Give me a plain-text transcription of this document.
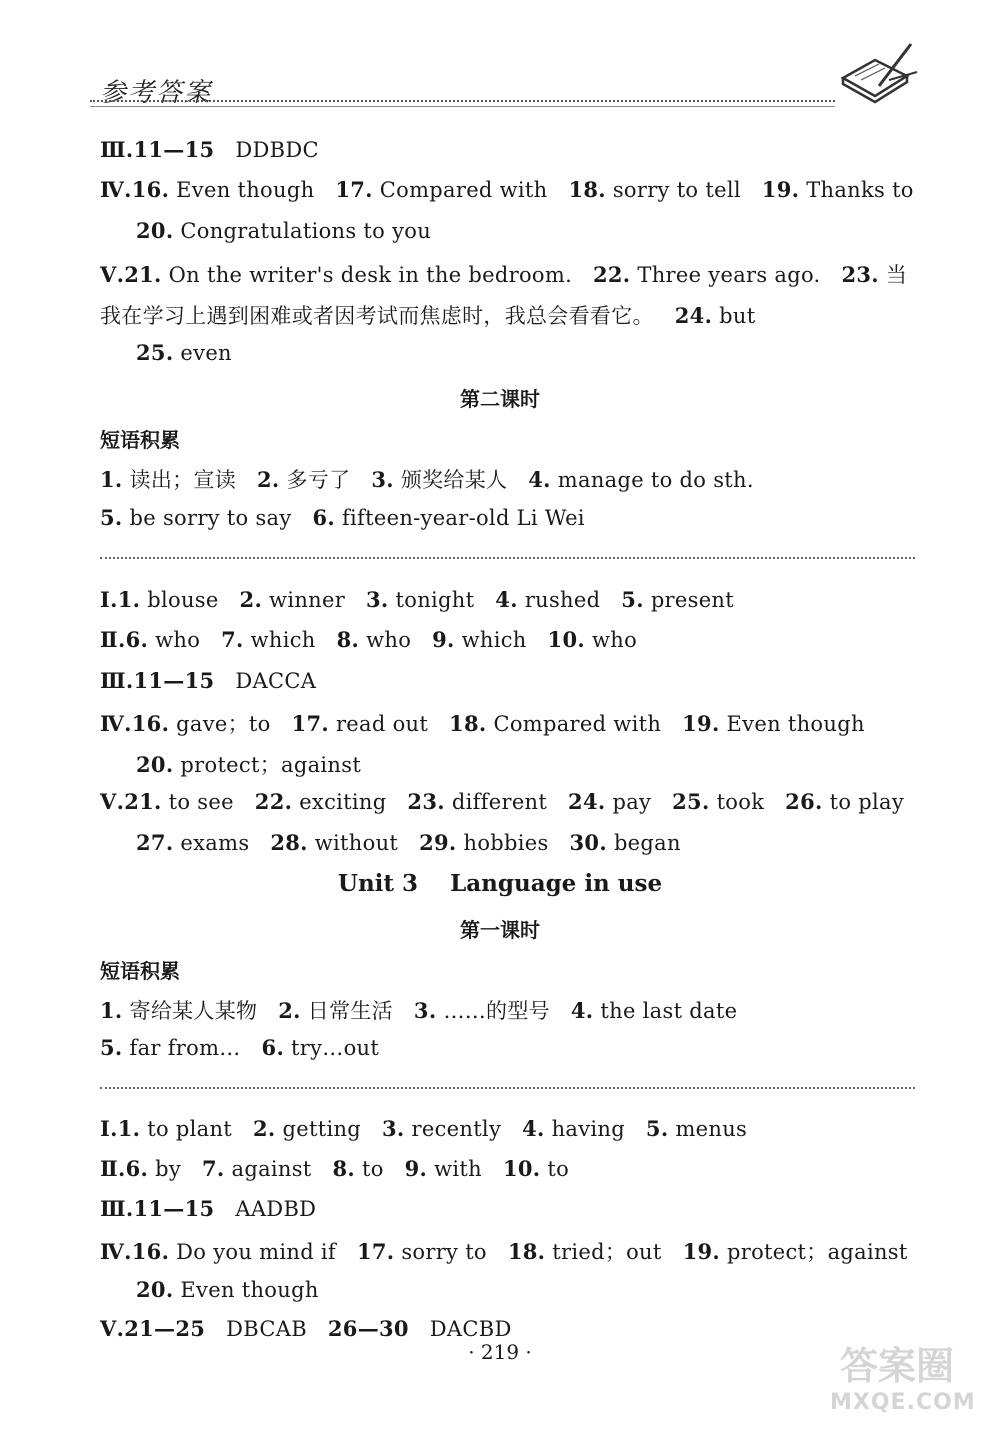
参考答案
Ⅲ.11—15 DDBDC
Ⅳ.16. Even though 17. Compared with 18. sorry to tell 19. Thanks to
20. Congratulations to you
Ⅴ.21. On the writer's desk in the bedroom. 22. Three years ago. 23. 当
我在学习上遇到困难或者因考试而焦虑时，我总会看看它。 24. but
25. even
第二课时
短语积累
1. 读出；宣读 2. 多亏了 3. 颁奖给某人 4. manage to do sth.
5. be sorry to say 6. fifteen-year-old Li Wei
Ⅰ.1. blouse 2. winner 3. tonight 4. rushed 5. present
Ⅱ.6. who 7. which 8. who 9. which 10. who
Ⅲ.11—15 DACCA
Ⅳ.16. gave；to 17. read out 18. Compared with 19. Even though
20. protect；against
Ⅴ.21. to see 22. exciting 23. different 24. pay 25. took 26. to play
27. exams 28. without 29. hobbies 30. began
Unit 3    Language in use
第一课时
短语积累
1. 寄给某人某物 2. 日常生活 3. ……的型号 4. the last date
5. far from… 6. try…out
Ⅰ.1. to plant 2. getting 3. recently 4. having 5. menus
Ⅱ.6. by 7. against 8. to 9. with 10. to
Ⅲ.11—15 AADBD
Ⅳ.16. Do you mind if 17. sorry to 18. tried；out 19. protect；against
20. Even though
Ⅴ.21—25 DBCAB 26—30 DACBD
· 219 ·	答案圈
MXQE.COM
